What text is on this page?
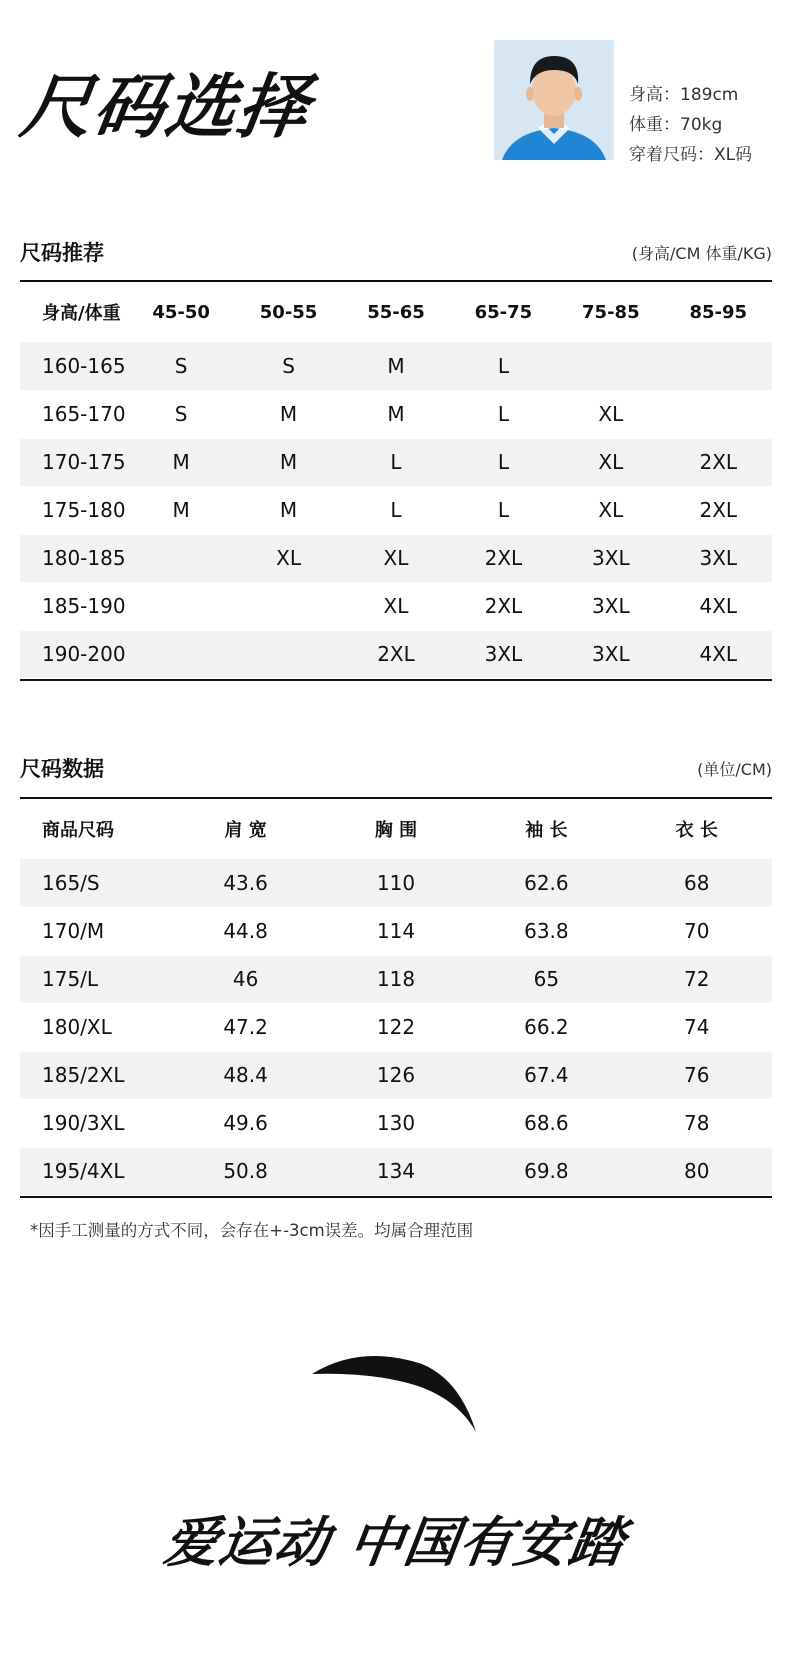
尺码选择	身高：189cm
体重：70kg
穿着尺码：XL码
尺码推荐	(身高/CM 体重/KG)
身高/体重	45-50	50-55	55-65	65-75	75-85	85-95
160-165	S	S	M	L		
165-170	S	M	M	L	XL	
170-175	M	M	L	L	XL	2XL
175-180	M	M	L	L	XL	2XL
180-185		XL	XL	2XL	3XL	3XL
185-190			XL	2XL	3XL	4XL
190-200			2XL	3XL	3XL	4XL
尺码数据	(单位/CM)
商品尺码	肩 宽	胸 围	袖 长	衣 长
165/S	43.6	110	62.6	68
170/M	44.8	114	63.8	70
175/L	46	118	65	72
180/XL	47.2	122	66.2	74
185/2XL	48.4	126	67.4	76
190/3XL	49.6	130	68.6	78
195/4XL	50.8	134	69.8	80
*因手工测量的方式不同，会存在+-3cm误差。均属合理范围
爱运动 中国有安踏
